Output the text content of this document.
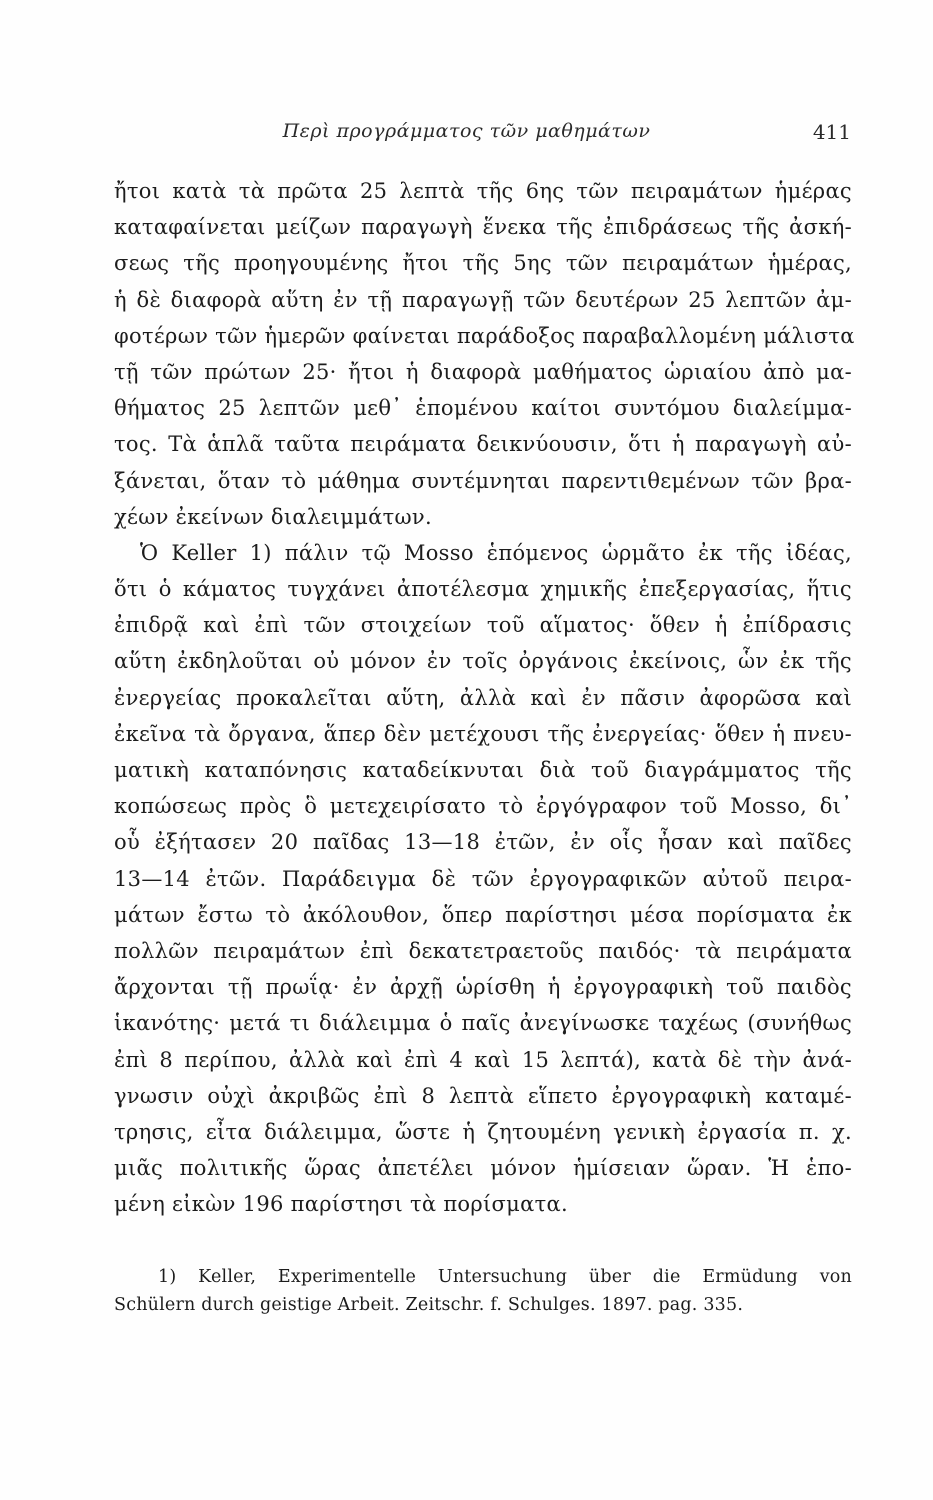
Περὶ προγράμματος τῶν μαθημάτων	411
ἤτοι κατὰ τὰ πρῶτα 25 λεπτὰ τῆς 6ης τῶν πειραμάτων ἡμέρας
καταφαίνεται μείζων παραγωγὴ ἕνεκα τῆς ἐπιδράσεως τῆς ἀσκή-
σεως τῆς προηγουμένης ἤτοι τῆς 5ης τῶν πειραμάτων ἡμέρας,
ἡ δὲ διαφορὰ αὕτη ἐν τῇ παραγωγῇ τῶν δευτέρων 25 λεπτῶν ἀμ-
φοτέρων τῶν ἡμερῶν φαίνεται παράδοξος παραβαλλομένη μάλιστα
τῇ τῶν πρώτων 25· ἤτοι ἡ διαφορὰ μαθήματος ὡριαίου ἀπὸ μα-
θήματος 25 λεπτῶν μεθ᾽ ἑπομένου καίτοι συντόμου διαλείμμα-
τος. Τὰ ἁπλᾶ ταῦτα πειράματα δεικνύουσιν, ὅτι ἡ παραγωγὴ αὐ-
ξάνεται, ὅταν τὸ μάθημα συντέμνηται παρεντιθεμένων τῶν βρα-
χέων ἐκείνων διαλειμμάτων.
Ὁ Keller 1) πάλιν τῷ Mosso ἑπόμενος ὡρμᾶτο ἐκ τῆς ἰδέας,
ὅτι ὁ κάματος τυγχάνει ἀποτέλεσμα χημικῆς ἐπεξεργασίας, ἥτις
ἐπιδρᾷ καὶ ἐπὶ τῶν στοιχείων τοῦ αἵματος· ὅθεν ἡ ἐπίδρασις
αὕτη ἐκδηλοῦται οὐ μόνον ἐν τοῖς ὀργάνοις ἐκείνοις, ὧν ἐκ τῆς
ἐνεργείας προκαλεῖται αὕτη, ἀλλὰ καὶ ἐν πᾶσιν ἀφορῶσα καὶ
ἐκεῖνα τὰ ὄργανα, ἅπερ δὲν μετέχουσι τῆς ἐνεργείας· ὅθεν ἡ πνευ-
ματικὴ καταπόνησις καταδείκνυται διὰ τοῦ διαγράμματος τῆς
κοπώσεως πρὸς ὃ μετεχειρίσατο τὸ ἐργόγραφον τοῦ Mosso, δι᾽
οὗ ἐξήτασεν 20 παῖδας 13—18 ἐτῶν, ἐν οἷς ἦσαν καὶ παῖδες
13—14 ἐτῶν. Παράδειγμα δὲ τῶν ἐργογραφικῶν αὐτοῦ πειρα-
μάτων ἔστω τὸ ἀκόλουθον, ὅπερ παρίστησι μέσα πορίσματα ἐκ
πολλῶν πειραμάτων ἐπὶ δεκατετραετοῦς παιδός· τὰ πειράματα
ἄρχονται τῇ πρωΐᾳ· ἐν ἀρχῇ ὡρίσθη ἡ ἐργογραφικὴ τοῦ παιδὸς
ἱκανότης· μετά τι διάλειμμα ὁ παῖς ἀνεγίνωσκε ταχέως (συνήθως
ἐπὶ 8 περίπου, ἀλλὰ καὶ ἐπὶ 4 καὶ 15 λεπτά), κατὰ δὲ τὴν ἀνά-
γνωσιν οὐχὶ ἀκριβῶς ἐπὶ 8 λεπτὰ εἵπετο ἐργογραφικὴ καταμέ-
τρησις, εἶτα διάλειμμα, ὥστε ἡ ζητουμένη γενικὴ ἐργασία π. χ.
μιᾶς πολιτικῆς ὥρας ἀπετέλει μόνον ἡμίσειαν ὥραν. Ἡ ἑπο-
μένη εἰκὼν 196 παρίστησι τὰ πορίσματα.
1) Keller, Experimentelle Untersuchung über die Ermüdung von
Schülern durch geistige Arbeit. Zeitschr. f. Schulges. 1897. pag. 335.
